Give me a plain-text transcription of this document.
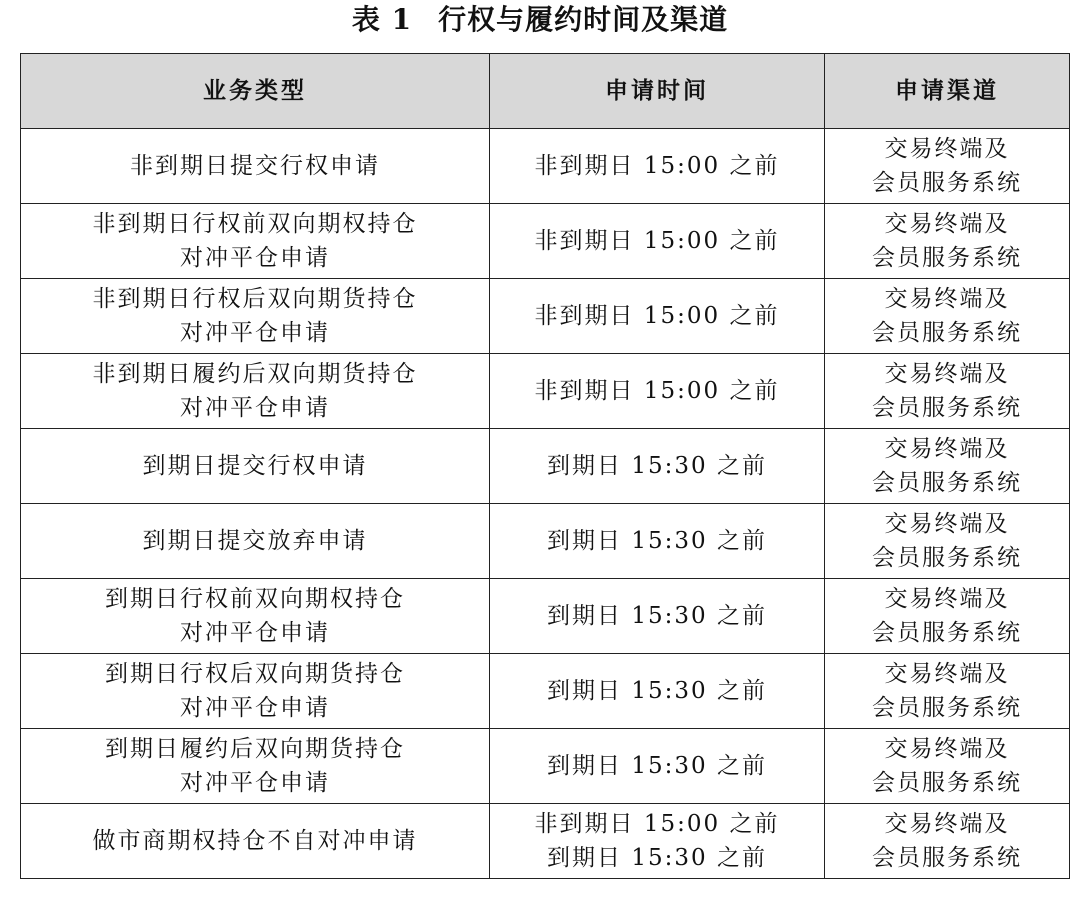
表 1 行权与履约时间及渠道
业务类型	申请时间	申请渠道

非到期日提交行权申请	非到期日 15:00 之前	交易终端及
会员服务系统

非到期日行权前双向期权持仓
对冲平仓申请	非到期日 15:00 之前	交易终端及
会员服务系统

非到期日行权后双向期货持仓
对冲平仓申请	非到期日 15:00 之前	交易终端及
会员服务系统

非到期日履约后双向期货持仓
对冲平仓申请	非到期日 15:00 之前	交易终端及
会员服务系统

到期日提交行权申请	到期日 15:30 之前	交易终端及
会员服务系统

到期日提交放弃申请	到期日 15:30 之前	交易终端及
会员服务系统

到期日行权前双向期权持仓
对冲平仓申请	到期日 15:30 之前	交易终端及
会员服务系统

到期日行权后双向期货持仓
对冲平仓申请	到期日 15:30 之前	交易终端及
会员服务系统

到期日履约后双向期货持仓
对冲平仓申请	到期日 15:30 之前	交易终端及
会员服务系统

做市商期权持仓不自对冲申请	非到期日 15:00 之前
到期日 15:30 之前	交易终端及
会员服务系统
